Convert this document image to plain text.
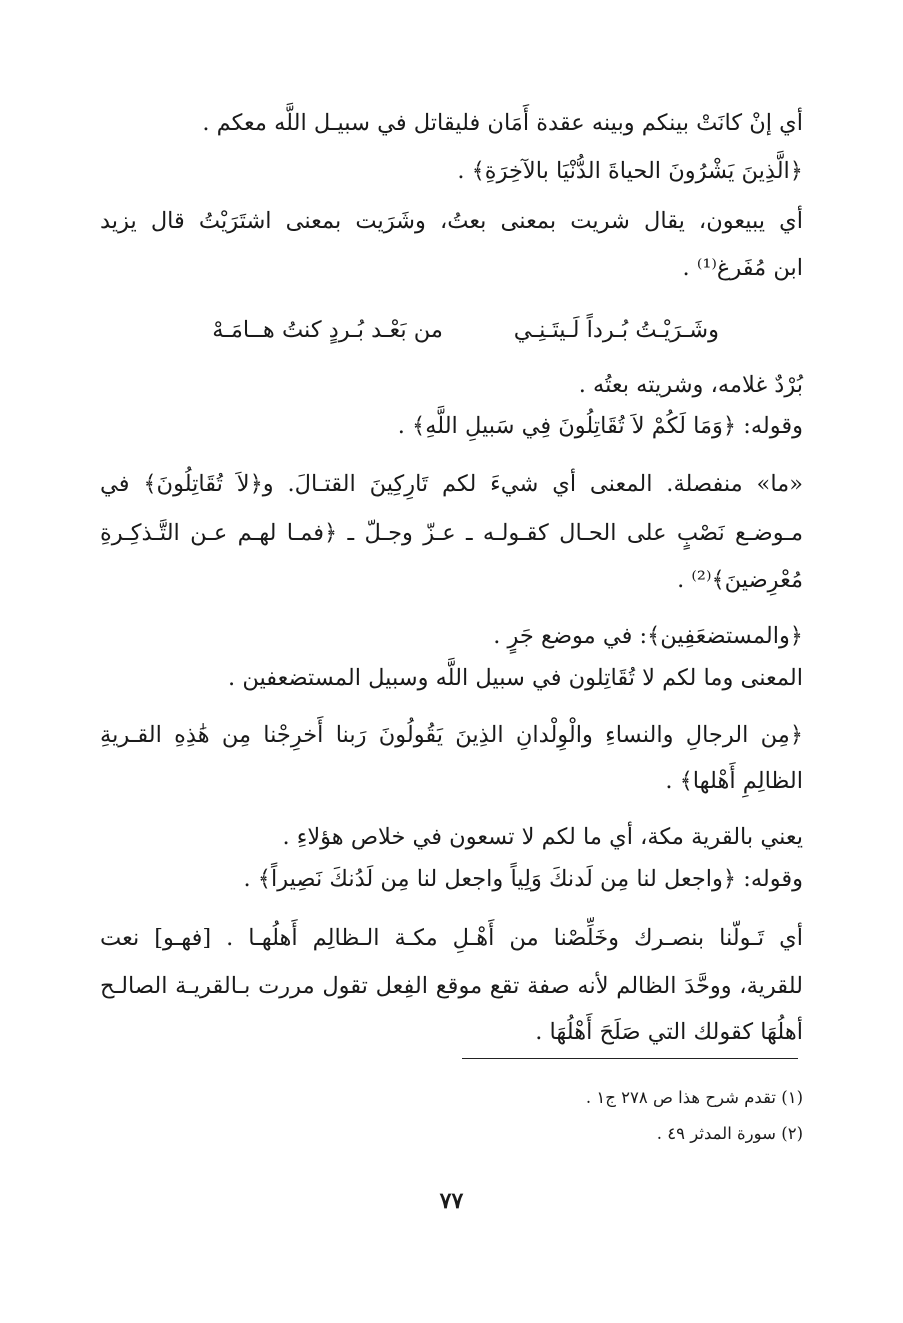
أي إنْ كانَتْ بينكم وبينه عقدة أَمَان فليقاتل في سبيـل اللَّه معكم .
﴿الَّذِينَ يَشْرُونَ الحياةَ الدُّنْيَا بالآخِرَةِ﴾ .
أي يبيعون، يقال شريت بمعنى بعتُ، وشَرَيت بمعنى اشتَرَيْتُ قال يزيد
ابن مُفَرغ⁽¹⁾ .
وشَـرَيْـتُ بُـرداً لَـيتَـنِـي
من بَعْـد بُـردٍ كنتُ هــامَـهْ
بُرْدٌ غلامه، وشريته بعتُه .
وقوله: ﴿وَمَا لَكُمْ لاَ تُقَاتِلُونَ فِي سَبيلِ اللَّهِ﴾ .
«ما» منفصلة. المعنى أي شيءَ لكم تَارِكِينَ القتـالَ. و﴿لاَ تُقَاتِلُونَ﴾ في
مـوضـع نَصْبٍ على الحـال كقـولـه ـ عـزّ وجـلّ ـ ﴿فمـا لهـم عـن التَّـذكِـرةِ
مُعْرِضينَ﴾⁽²⁾ .
﴿والمستضعَفِين﴾: في موضع جَرٍ .
المعنى وما لكم لا تُقَاتِلون في سبيل اللَّه وسبيل المستضعفين .
﴿مِن الرجالِ والنساءِ والْوِلْدانِ الذِينَ يَقُولُونَ رَبنا أَخرِجْنا مِن هَٰذِهِ القـريةِ
الظالِمِ أَهْلها﴾ .
يعني بالقرية مكة، أي ما لكم لا تسعون في خلاص هؤلاءِ .
وقوله: ﴿واجعل لنا مِن لَدنكَ وَلِياً واجعل لنا مِن لَدُنكَ نَصِيراً﴾ .
أي تَـولّنا بنصـرك وخَلِّصْنا من أَهْـلِ مكـة الـظالِم أَهلُهـا . [فهـو] نعت
للقرية، ووحَّدَ الظالم لأنه صفة تقع موقع الفِعل تقول مررت بـالقريـة الصالـح
أهلُهَا كقولك التي صَلَحَ أَهْلُهَا .
(١) تقدم شرح هذا ص ٢٧٨ ج١ .
(٢) سورة المدثر ٤٩ .
٧٧
